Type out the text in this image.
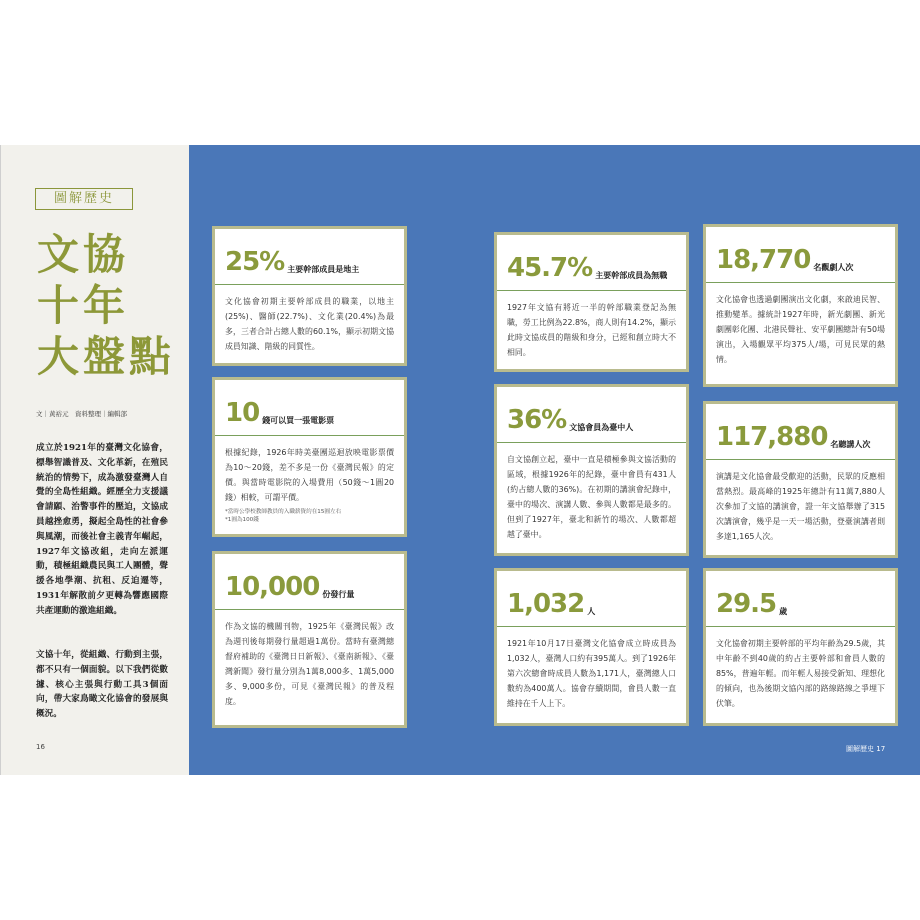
圖解歷史
文協
十年
大盤點
文｜黃裕元　資料整理｜編輯部
成立於1921年的臺灣文化協會，標舉智識普及、文化革新，在殖民統治的情勢下，成為激發臺灣人自覺的全島性組織。經歷全力支援議會請願、治警事件的壓迫，文協成員越挫愈勇，擬起全島性的社會參與風潮，而後社會主義青年崛起，1927年文協改組，走向左派運動，積極組織農民與工人團體，聲援各地學潮、抗租、反迫遷等，1931年解散前夕更轉為響應國際共產運動的激進組織。
文協十年，從組織、行動到主張，都不只有一個面貌。以下我們從數據、核心主張與行動工具3個面向，帶大家鳥瞰文化協會的發展與概況。
16
文協數據	100年前文協正活躍時，知名度究竟如何？舉辦的活動、發行的刊物，能發揮多少影響力呢？或許可以從一些數據入門來窺察，不過，目前關於文協的數據，多是出自於警務機關，也就是當時統治們為眼中盯的執政者的統計。
25% 主要幹部成員是地主
文化協會初期主要幹部成員的職業，以地主(25%)、醫師(22.7%)、文化業(20.4%)為最多，三者合計占總人數的60.1%，顯示初期文協成員知識、階級的同質性。
10 錢可以買一張電影票
根據紀錄，1926年時美臺團巡迴放映電影票價為10～20錢，差不多是一份《臺灣民報》的定價。與當時電影院的入場費用（50錢～1圓20錢）相較，可謂平價。
*當時公學校教師教員的入職薪資約在15圓左右
*1圓為100錢
10,000 份發行量
作為文協的機關刊物，1925年《臺灣民報》改為週刊後每期發行量超過1萬份。當時有臺灣總督府補助的《臺灣日日新報》、《臺南新報》、《臺灣新聞》發行量分別為1萬8,000多、1萬5,000多、9,000多份，可見《臺灣民報》的普及程度。
45.7% 主要幹部成員為無職
1927年文協有將近一半的幹部職業登記為無職，勞工比例為22.8%，商人則有14.2%，顯示此時文協成員的階級和身分，已經和創立時大不相同。
36% 文協會員為臺中人
自文協創立起，臺中一直是積極參與文協活動的區域，根據1926年的紀錄，臺中會員有431人(約占總人數的36%)。在初期的講演會紀錄中，臺中的場次、演講人數、參與人數都是最多的。但到了1927年，臺北和新竹的場次、人數都超越了臺中。
1,032 人
1921年10月17日臺灣文化協會成立時成員為1,032人，臺灣人口約有395萬人。到了1926年第六次總會時成員人數為1,171人，臺灣總人口數約為400萬人。協會存續期間，會員人數一直維持在千人上下。
18,770 名觀劇人次
文化協會也透過劇團演出文化劇，來啟迪民智、推動變革。據統計1927年時，新光劇團、新光劇團彰化團、北港民聲社、安平劇團總計有50場演出，入場觀眾平均375人/場，可見民眾的熱情。
117,880 名聽講人次
演講是文化協會最受歡迎的活動，民眾的反應相當熱烈。最高峰的1925年總計有11萬7,880人次參加了文協的講演會，證一年文協舉辦了315次講演會，幾乎是一天一場活動，登臺演講者則多達1,165人次。
29.5 歲
文化協會初期主要幹部的平均年齡為29.5歲，其中年齡不到40歲的約占主要幹部和會員人數的85%，普遍年輕。而年輕人易接受新知、理想化的傾向，也為後期文協內部的路線路線之爭埋下伏筆。
圖解歷史 17
